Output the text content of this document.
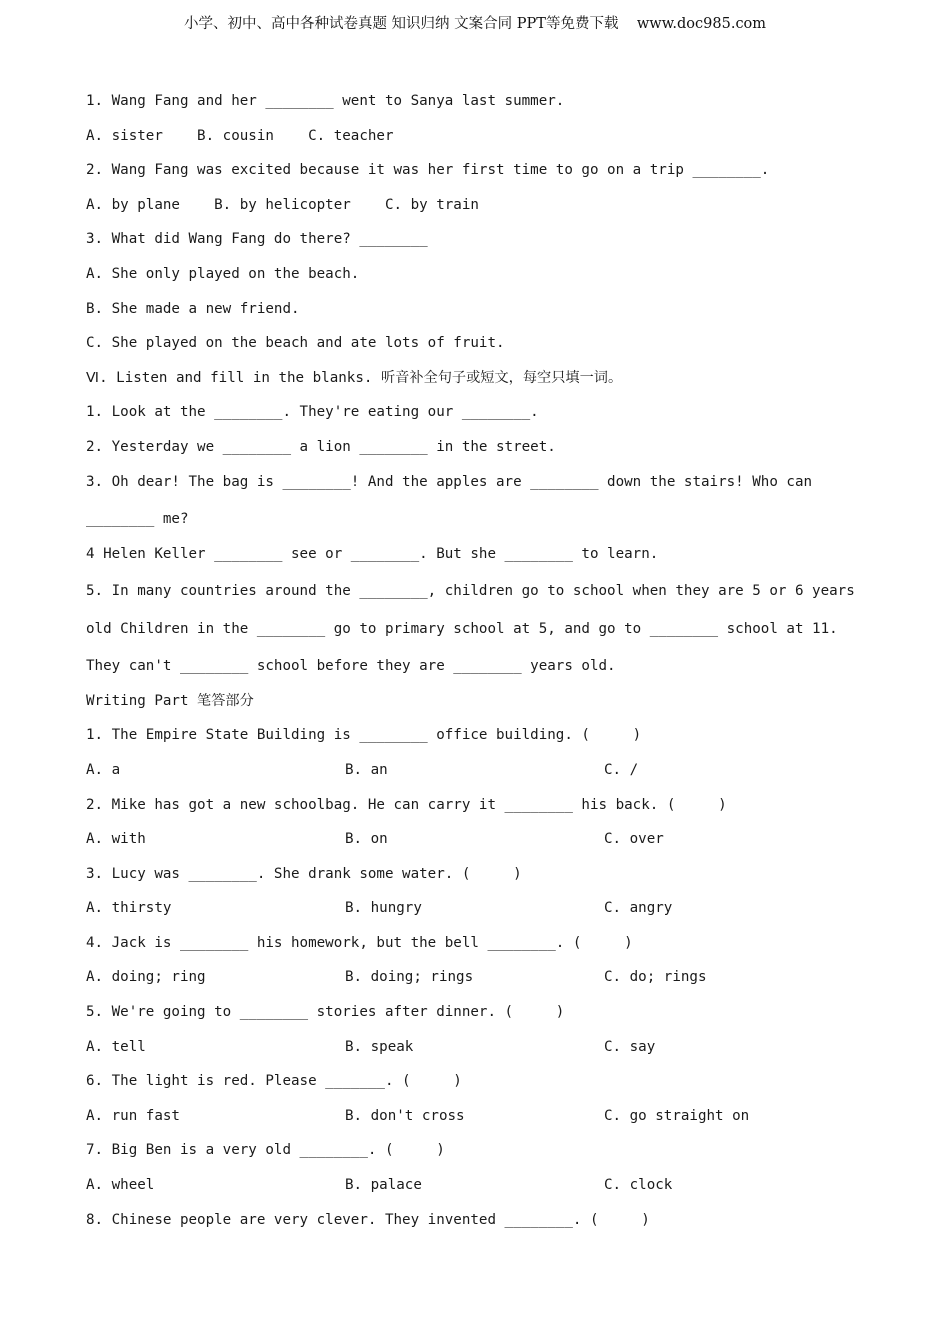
小学、初中、高中各种试卷真题 知识归纳 文案合同 PPT等免费下载    www.doc985.com
1. Wang Fang and her ________ went to Sanya last summer.
A. sister    B. cousin    C. teacher
2. Wang Fang was excited because it was her first time to go on a trip ________.
A. by plane    B. by helicopter    C. by train
3. What did Wang Fang do there? ________
A. She only played on the beach.
B. She made a new friend.
C. She played on the beach and ate lots of fruit.
Ⅵ. Listen and fill in the blanks. 听音补全句子或短文，每空只填一词。
1. Look at the ________. They're eating our ________.
2. Yesterday we ________ a lion ________ in the street.
3. Oh dear! The bag is ________! And the apples are ________ down the stairs! Who can
________ me?
4 Helen Keller ________ see or ________. But she ________ to learn.
5. In many countries around the ________, children go to school when they are 5 or 6 years
old Children in the ________ go to primary school at 5, and go to ________ school at 11.
They can't ________ school before they are ________ years old.
Writing Part 笔答部分
1. The Empire State Building is ________ office building. (     )
A. a	B. an	C. /
2. Mike has got a new schoolbag. He can carry it ________ his back. (     )
A. with	B. on	C. over
3. Lucy was ________. She drank some water. (     )
A. thirsty	B. hungry	C. angry
4. Jack is ________ his homework, but the bell ________. (     )
A. doing; ring	B. doing; rings	C. do; rings
5. We're going to ________ stories after dinner. (     )
A. tell	B. speak	C. say
6. The light is red. Please _______. (     )
A. run fast	B. don't cross	C. go straight on
7. Big Ben is a very old ________. (     )
A. wheel	B. palace	C. clock
8. Chinese people are very clever. They invented ________. (     )
